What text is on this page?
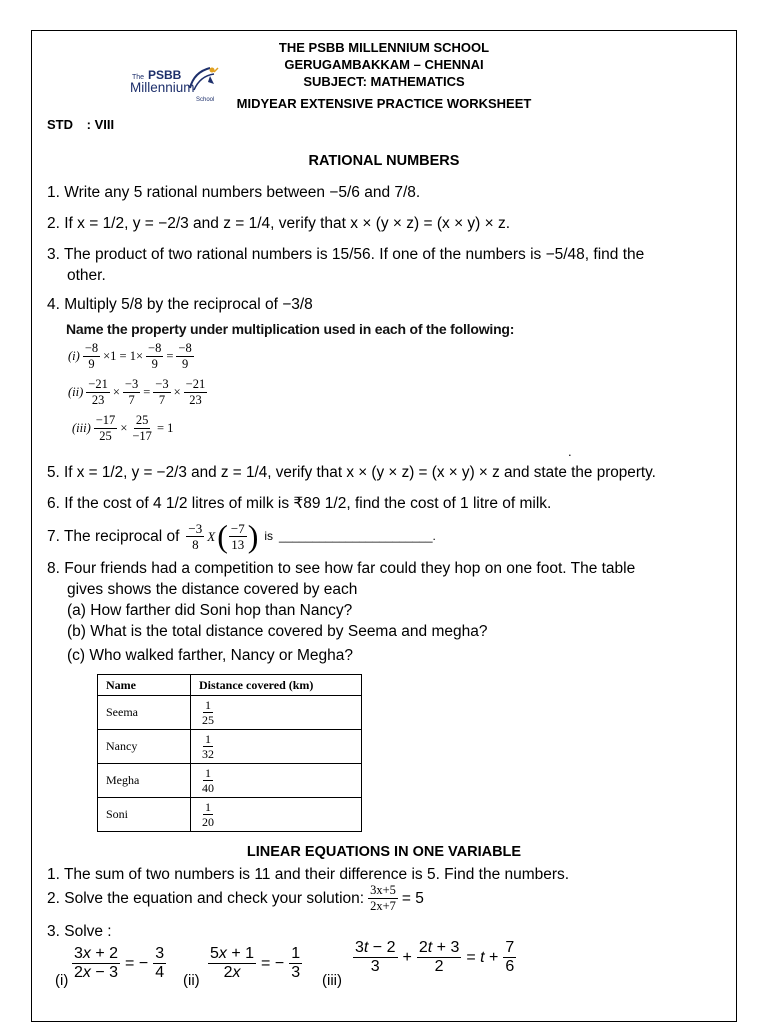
The PSBB
Millennium
School
THE PSBB MILLENNIUM SCHOOL
GERUGAMBAKKAM – CHENNAI
SUBJECT: MATHEMATICS
MIDYEAR EXTENSIVE PRACTICE WORKSHEET
STD : VIII
________________________________________________________________________
RATIONAL NUMBERS
1. Write any 5 rational numbers between −5/6 and 7/8.
2. If x = 1/2, y = −2/3 and z = 1/4, verify that x × (y × z) = (x × y) × z.
3. The product of two rational numbers is 15/56. If one of the numbers is −5/48, find the
other.
4. Multiply 5/8 by the reciprocal of −3/8
Name the property under multiplication used in each of the following:
$(i) \frac{-8}{9} \times 1 = 1\times \frac{-8}{9} = \frac{-8}{9}$
$(ii) \frac{-21}{23} \times \frac{-3}{7} = \frac{-3}{7} \times \frac{-21}{23}$
$(iii) \frac{-17}{25} \times \frac{25}{-17} = 1$
.
5. If x = 1/2, y = −2/3 and z = 1/4, verify that x × (y × z) = (x × y) × z and state the property.
6. If the cost of 4 1/2 litres of milk is ₹89 1/2, find the cost of 1 litre of milk.
7. The reciprocal of $\frac{-3}{8}$ X ( $\frac{-7}{13}$ ) is _______________________.
8. Four friends had a competition to see how far could they hop on one foot. The table
gives shows the distance covered by each
(a) How farther did Soni hop than Nancy?
(b) What is the total distance covered by Seema and megha?
(c) Who walked farther, Nancy or Megha?
Name	Distance covered (km)
Seema	$\frac{1}{25}$

Nancy	$\frac{1}{32}$

Megha	$\frac{1}{40}$

Soni	$\frac{1}{20}$
LINEAR EQUATIONS IN ONE VARIABLE
1. The sum of two numbers is 11 and their difference is 5. Find the numbers.
2. Solve the equation and check your solution: $\frac{3x+5}{2x+7} = 5$
3. Solve :
$(i) \frac{3x + 2}{2x - 3}$ = − $\frac{3}{4} (ii) \frac{5x + 1}{2x}$ = − $\frac{1}{3} (iii)$
$\frac{3t - 2}{3} + \frac{2t + 3}{2} = t + \frac{7}{6}$
